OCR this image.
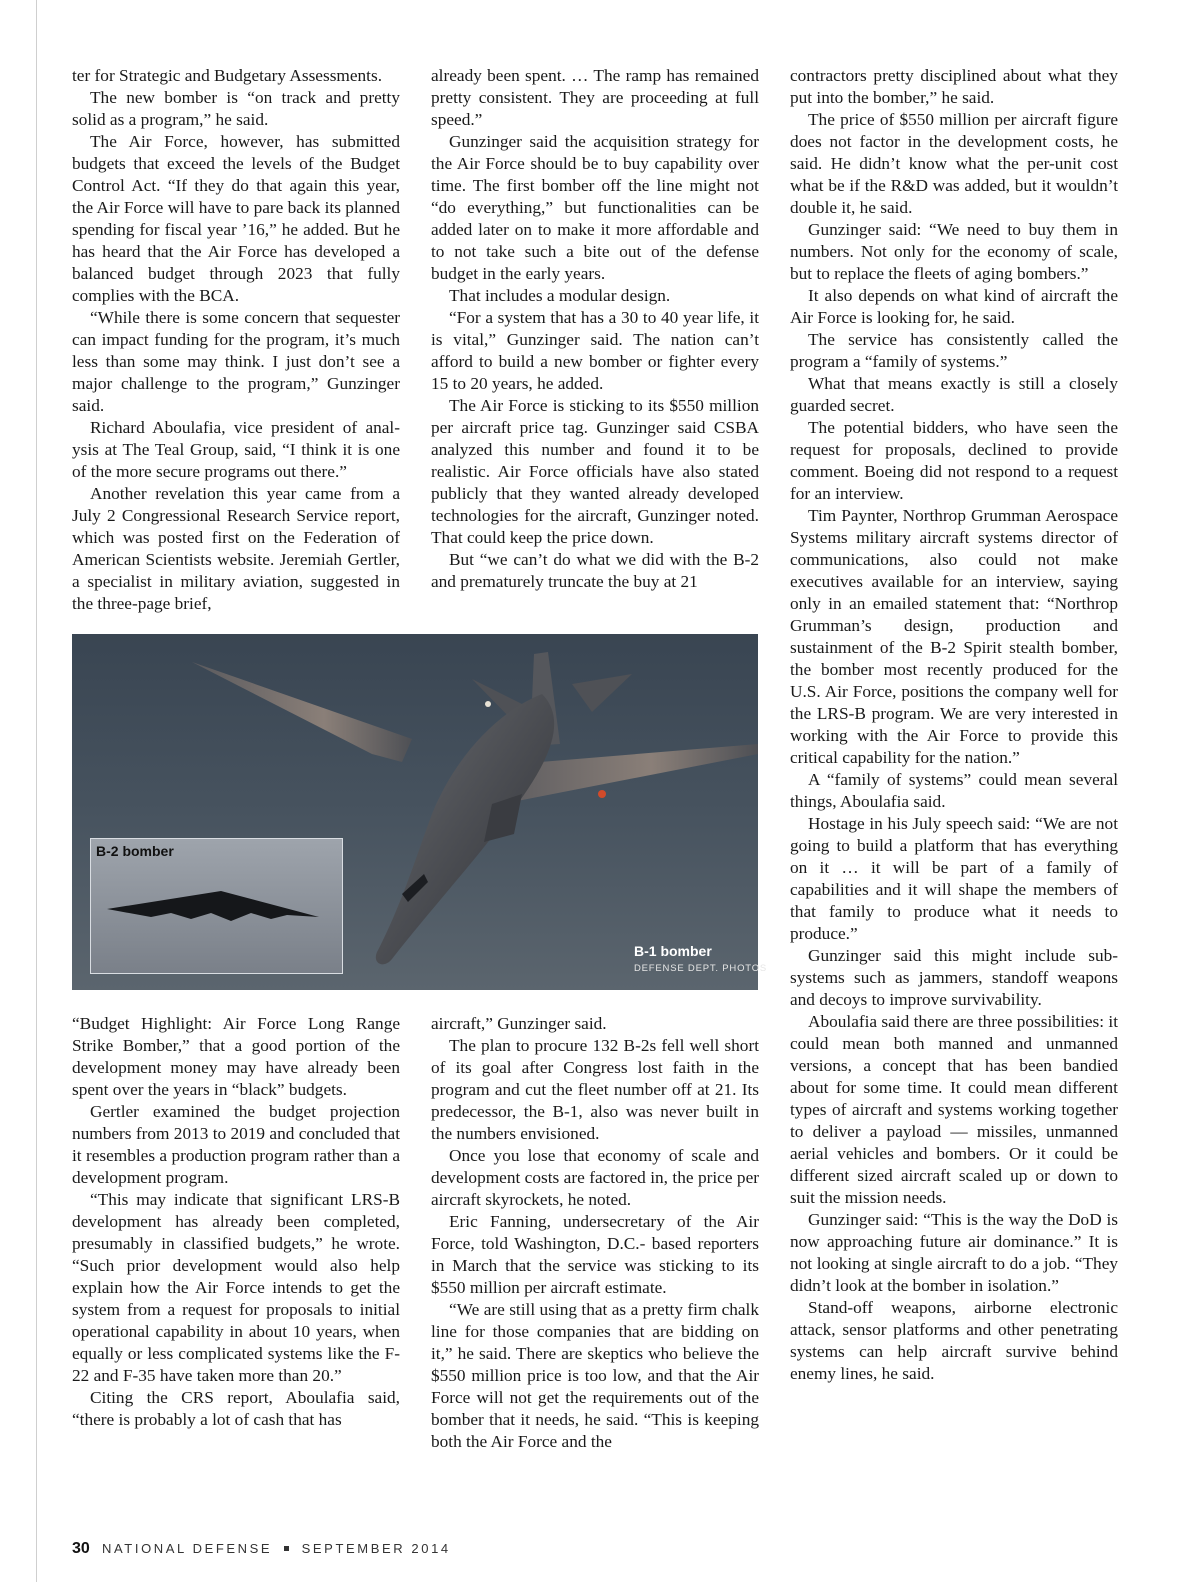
ter for Strategic and Budgetary Assessments.

The new bomber is “on track and pretty solid as a program,” he said.

The Air Force, however, has submitted budgets that exceed the levels of the Budget Control Act. “If they do that again this year, the Air Force will have to pare back its planned spending for fiscal year ’16,” he added. But he has heard that the Air Force has developed a balanced budget through 2023 that fully complies with the BCA.

“While there is some concern that sequester can impact funding for the program, it’s much less than some may think. I just don’t see a major challenge to the program,” Gunzinger said.

Richard Aboulafia, vice president of analysis at The Teal Group, said, “I think it is one of the more secure programs out there.”

Another revelation this year came from a July 2 Congressional Research Service report, which was posted first on the Federation of American Scientists website. Jeremiah Gertler, a specialist in military aviation, suggested in the three-page brief,

already been spent. … The ramp has remained pretty consistent. They are proceeding at full speed.”

Gunzinger said the acquisition strategy for the Air Force should be to buy capability over time. The first bomber off the line might not “do everything,” but functionalities can be added later on to make it more affordable and to not take such a bite out of the defense budget in the early years.

That includes a modular design.

“For a system that has a 30 to 40 year life, it is vital,” Gunzinger said. The nation can’t afford to build a new bomber or fighter every 15 to 20 years, he added.

The Air Force is sticking to its $550 million per aircraft price tag. Gunzinger said CSBA analyzed this number and found it to be realistic. Air Force officials have also stated publicly that they wanted already developed technologies for the aircraft, Gunzinger noted. That could keep the price down.

But “we can’t do what we did with the B-2 and prematurely truncate the buy at 21

contractors pretty disciplined about what they put into the bomber,” he said.

The price of $550 million per aircraft figure does not factor in the development costs, he said. He didn’t know what the per-unit cost what be if the R&D was added, but it wouldn’t double it, he said.

Gunzinger said: “We need to buy them in numbers. Not only for the economy of scale, but to replace the fleets of aging bombers.”

It also depends on what kind of aircraft the Air Force is looking for, he said.

The service has consistently called the program a “family of systems.”

What that means exactly is still a closely guarded secret.

The potential bidders, who have seen the request for proposals, declined to provide comment. Boeing did not respond to a request for an interview.

Tim Paynter, Northrop Grumman Aerospace Systems military aircraft systems director of communications, also could not make executives available for an interview, saying only in an emailed statement that: “Northrop Grumman’s design, production and sustainment of the B-2 Spirit stealth bomber, the bomber most recently produced for the U.S. Air Force, positions the company well for the LRS-B program. We are very interested in working with the Air Force to provide this critical capability for the nation.”

A “family of systems” could mean several things, Aboulafia said.

Hostage in his July speech said: “We are not going to build a platform that has everything on it … it will be part of a family of capabilities and it will shape the members of that family to produce what it needs to produce.”

Gunzinger said this might include subsystems such as jammers, standoff weapons and decoys to improve survivability.

Aboulafia said there are three possibilities: it could mean both manned and unmanned versions, a concept that has been bandied about for some time. It could mean different types of aircraft and systems working together to deliver a payload — missiles, unmanned aerial vehicles and bombers. Or it could be different sized aircraft scaled up or down to suit the mission needs.

Gunzinger said: “This is the way the DoD is now approaching future air dominance.” It is not looking at single aircraft to do a job. “They didn’t look at the bomber in isolation.”

Stand-off weapons, airborne electronic attack, sensor platforms and other penetrating systems can help aircraft survive behind enemy lines, he said.

“Budget Highlight: Air Force Long Range Strike Bomber,” that a good portion of the development money may have already been spent over the years in “black” budgets.

Gertler examined the budget projection numbers from 2013 to 2019 and concluded that it resembles a production program rather than a development program.

“This may indicate that significant LRS-B development has already been completed, presumably in classified budgets,” he wrote. “Such prior development would also help explain how the Air Force intends to get the system from a request for proposals to initial operational capability in about 10 years, when equally or less complicated systems like the F-22 and F-35 have taken more than 20.”

Citing the CRS report, Aboulafia said, “there is probably a lot of cash that has

aircraft,” Gunzinger said.

The plan to procure 132 B-2s fell well short of its goal after Congress lost faith in the program and cut the fleet number off at 21. Its predecessor, the B-1, also was never built in the numbers envisioned.

Once you lose that economy of scale and development costs are factored in, the price per aircraft skyrockets, he noted.

Eric Fanning, undersecretary of the Air Force, told Washington, D.C.- based reporters in March that the service was sticking to its $550 million per aircraft estimate.

“We are still using that as a pretty firm chalk line for those companies that are bidding on it,” he said. There are skeptics who believe the $550 million price is too low, and that the Air Force will not get the requirements out of the bomber that it needs, he said. “This is keeping both the Air Force and the

B-2 bomber
B-1 bomber
DEFENSE DEPT. PHOTOS
30 NATIONAL DEFENSE SEPTEMBER 2014
